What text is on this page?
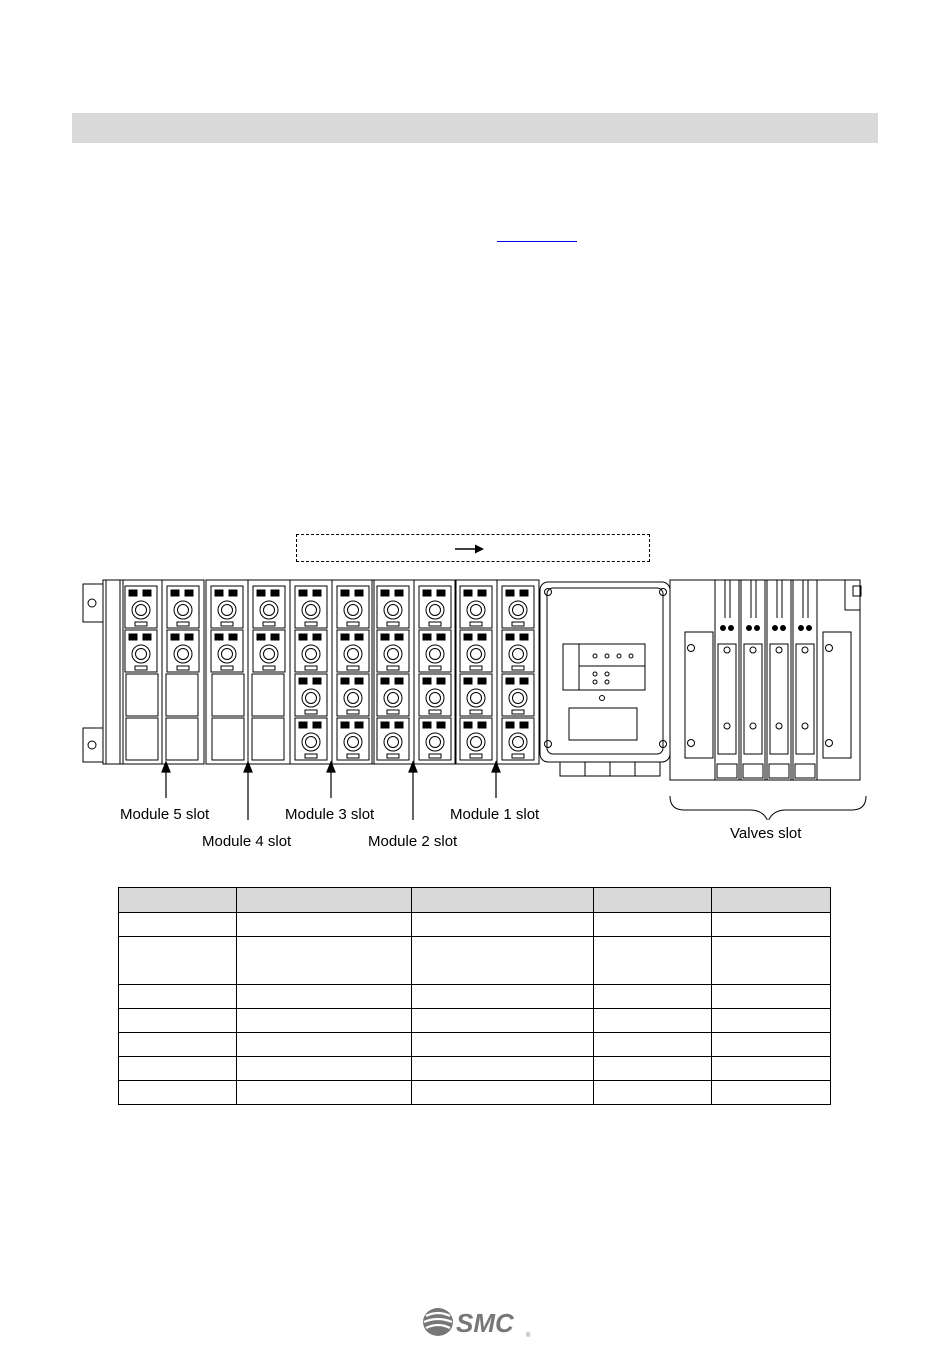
Module 5 slot
Module 4 slot
Module 3 slot
Module 2 slot
Module 1 slot
Valves slot

SMC ®
